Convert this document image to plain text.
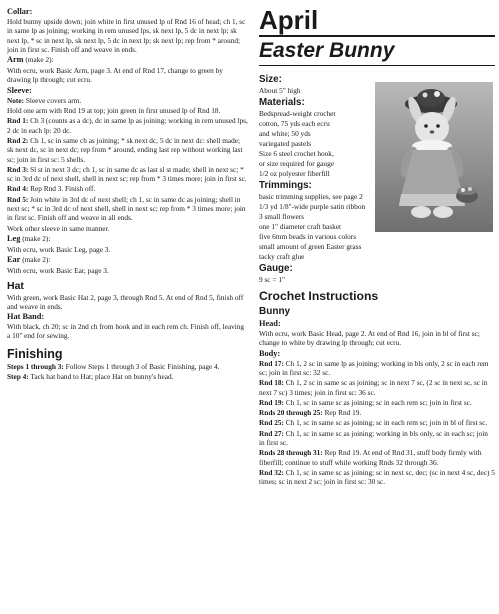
Collar:

Hold bunny upside down; join white in first unused lp of Rnd 16 of head; ch 1, sc in same lp as joining; working in rem unused lps, sk next lp, 5 dc in next lp; sk next lp, * sc in next lp, sk next lp, 5 dc in next lp; sk next lp; rep from * around; join in first sc. Finish off and weave in ends.

Arm (make 2):

With ecru, work Basic Arm, page 3. At end of Rnd 17, change to green by drawing lp through; cut ecru.

Sleeve:

Note: Sleeve covers arm.

Hold one arm with Rnd 19 at top; join green in first unused lp of Rnd 18.

Rnd 1: Ch 3 (counts as a dc), dc in same lp as joining; working in rem unused lps, 2 dc in each lp: 20 dc.

Rnd 2: Ch 1, sc in same ch as joining; * sk next dc, 5 dc in next dc: shell made; sk next dc, sc in next dc; rep from * around, ending last rep without working last sc; join in first sc: 5 shells.

Rnd 3: Sl st in next 3 dc; ch 1, sc in same dc as last sl st made; shell in next sc; * sc in 3rd dc of next shell, shell in next sc; rep from * 3 times more; join in first sc.

Rnd 4: Rep Rnd 3. Finish off.

Rnd 5: Join white in 3rd dc of next shell; ch 1, sc in same dc as joining; shell in next sc; * sc in 3rd dc of next shell, shell in next sc; rep from * 3 times more; join in first sc. Finish off and weave in all ends.

Work other sleeve in same manner.

Leg (make 2):

With ecru, work Basic Leg, page 3.

Ear (make 2):

With ecru, work Basic Ear, page 3.

Hat

With green, work Basic Hat 2, page 3, through Rnd 5. At end of Rnd 5, finish off and weave in ends.

Hat Band:

With black, ch 20; sc in 2nd ch from hook and in each rem ch. Finish off, leaving a 10" end for sewing.

Finishing

Steps 1 through 3: Follow Steps 1 through 3 of Basic Finishing, page 4.

Step 4: Tack hat band to Hat; place Hat on bunny's head.

April
Easter Bunny
Size:

About 5" high

Materials:

Bedspread-weight crochet

cotton, 75 yds each ecru

and white; 50 yds

variegated pastels

Size 6 steel crochet hook,

or size required for gauge

1/2 oz polyester fiberfill

Trimmings:

basic trimming supplies, see page 2

1/3 yd 1/8"-wide purple satin ribbon

3 small flowers

one 1" diameter craft basket

five 6mm beads in various colors

small amount of green Easter grass

tacky craft glue

Gauge:

9 sc = 1"

Crochet Instructions
Bunny
Head:

With ecru, work Basic Head, page 2. At end of Rnd 16, join in bl of first sc; change to white by drawing lp through; cut ecru.

Body:

Rnd 17: Ch 1, 2 sc in same lp as joining; working in bls only, 2 sc in each rem sc; join in first sc: 32 sc.

Rnd 18: Ch 1, 2 sc in same sc as joining; sc in next 7 sc, (2 sc in next sc, sc in next 7 sc) 3 times; join in first sc: 36 sc.

Rnd 19: Ch 1, sc in same sc as joining; sc in each rem sc; join in first sc.

Rnds 20 through 25: Rep Rnd 19.

Rnd 25: Ch 1, sc in same sc as joining; sc in each rem sc; join in bl of first sc.

Rnd 27: Ch 1, sc in same sc as joining; working in bls only, sc in each sc; join in first sc.

Rnds 28 through 31: Rep Rnd 19. At end of Rnd 31, stuff body firmly with fiberfill; continue to stuff while working Rnds 32 through 36.

Rnd 32: Ch 1, sc in same sc as joining; sc in next sc, dec; (sc in next 4 sc, dec) 5 times; sc in next 2 sc; join in first sc: 30 sc.
